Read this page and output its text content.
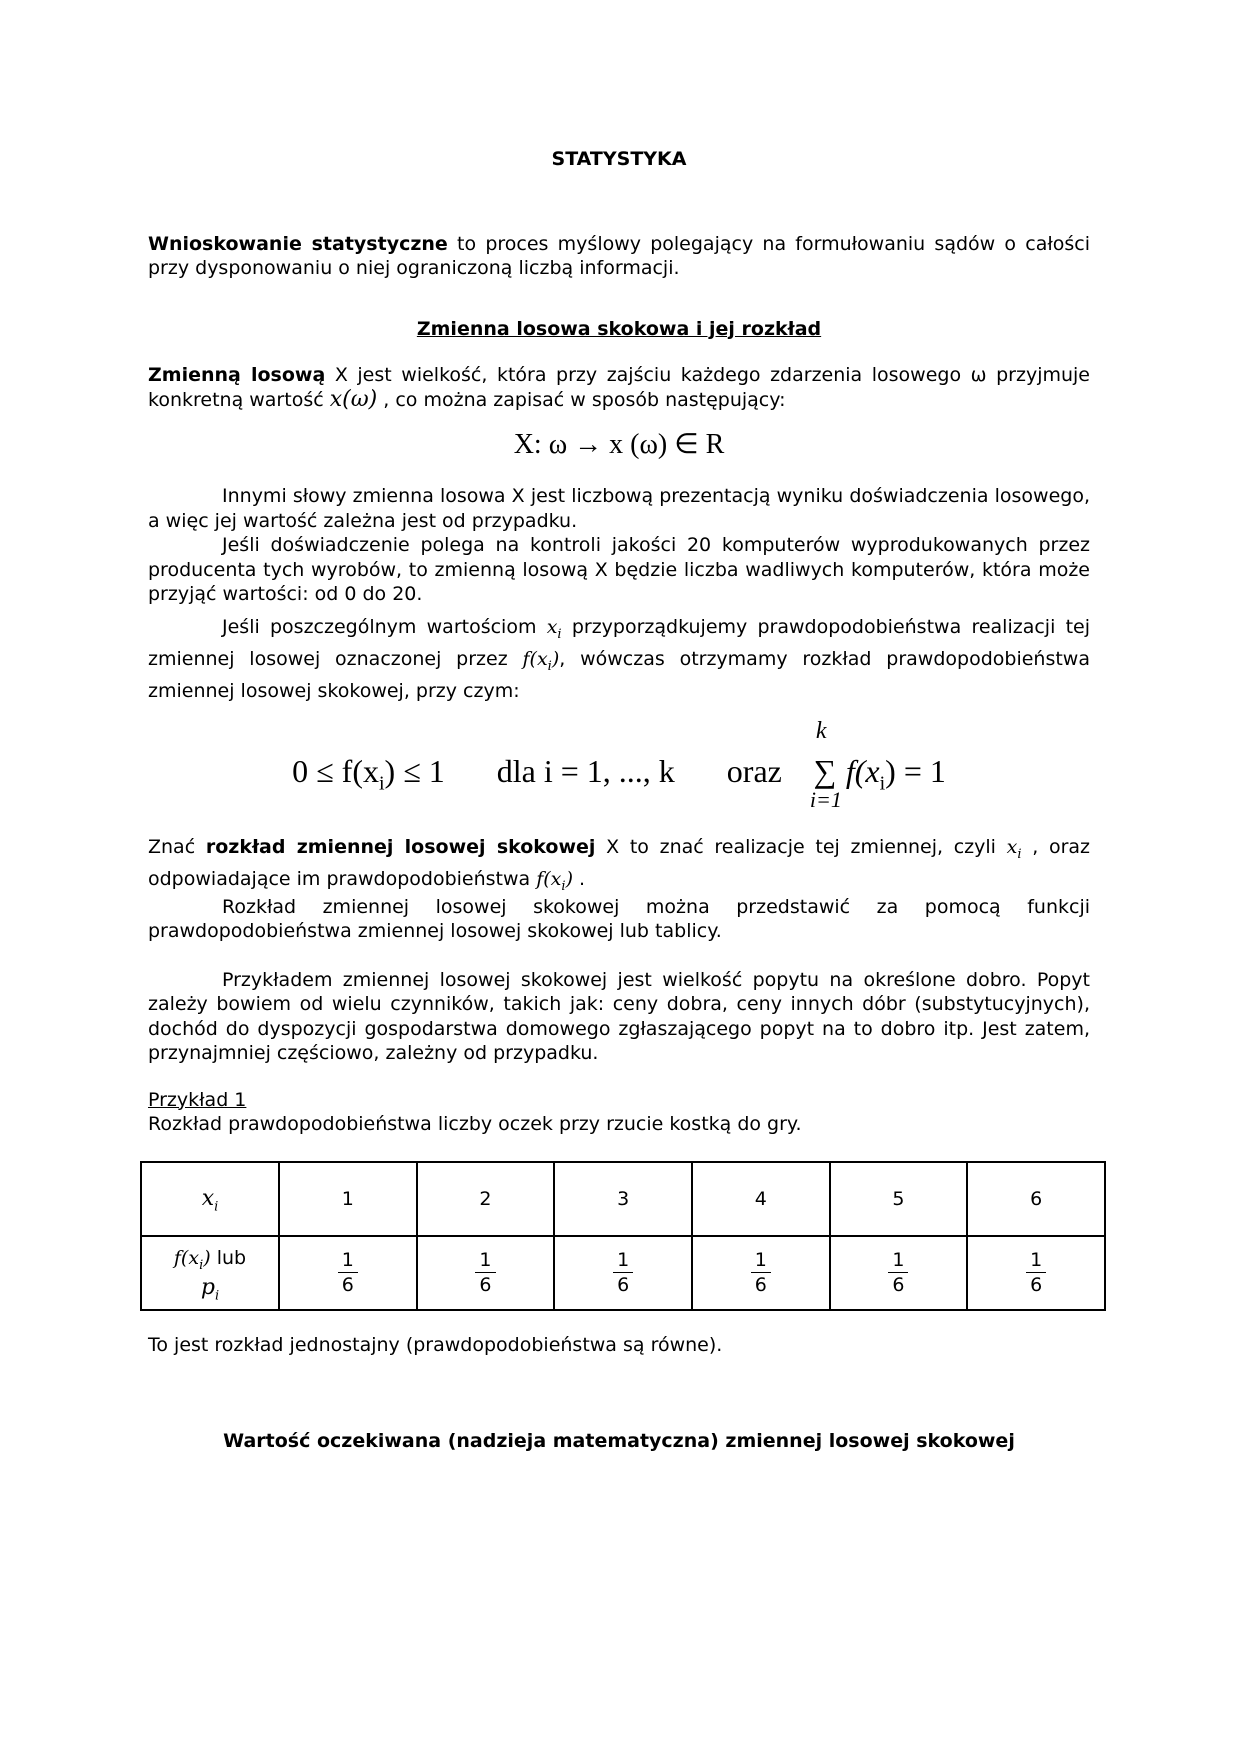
STATYSTYKA
Wnioskowanie statystyczne to proces myślowy polegający na formułowaniu sądów o całości przy dysponowaniu o niej ograniczoną liczbą informacji.
Zmienna losowa skokowa i jej rozkład
Zmienną losową X jest wielkość, która przy zajściu każdego zdarzenia losowego ω przyjmuje konkretną wartość x(ω) , co można zapisać w sposób następujący:
X: ω → x (ω) ∈ R
Innymi słowy zmienna losowa X jest liczbową prezentacją wyniku doświadczenia losowego, a więc jej wartość zależna jest od przypadku.
Jeśli doświadczenie polega na kontroli jakości 20 komputerów wyprodukowanych przez producenta tych wyrobów, to zmienną losową X będzie liczba wadliwych komputerów, która może przyjąć wartości: od 0 do 20.
Jeśli poszczególnym wartościom $x_i$ przyporządkujemy prawdopodobieństwa realizacji tej zmiennej losowej oznaczonej przez $f(x_i)$, wówczas otrzymamy rozkład prawdopodobieństwa zmiennej losowej skokowej, przy czym:
$0 \le f(x_i) \le 1$ dla i = 1, ..., k oraz ∑
k
i=1
$f(x_i) = 1$
Znać rozkład zmiennej losowej skokowej X to znać realizacje tej zmiennej, czyli $x_i$ , oraz odpowiadające im prawdopodobieństwa $f(x_i)$ .
Rozkład zmiennej losowej skokowej można przedstawić za pomocą funkcji prawdopodobieństwa zmiennej losowej skokowej lub tablicy.
Przykładem zmiennej losowej skokowej jest wielkość popytu na określone dobro. Popyt zależy bowiem od wielu czynników, takich jak: ceny dobra, ceny innych dóbr (substytucyjnych), dochód do dyspozycji gospodarstwa domowego zgłaszającego popyt na to dobro itp. Jest zatem, przynajmniej częściowo, zależny od przypadku.
Przykład 1
Rozkład prawdopodobieństwa liczby oczek przy rzucie kostką do gry.
$x_i$	1	2	3	4	5	6
$f(x_i)$ lub
$p_i$	$\frac{1}{6}$	$\frac{1}{6}$	$\frac{1}{6}$	$\frac{1}{6}$	$\frac{1}{6}$	$\frac{1}{6}$
To jest rozkład jednostajny (prawdopodobieństwa są równe).
Wartość oczekiwana (nadzieja matematyczna) zmiennej losowej skokowej
